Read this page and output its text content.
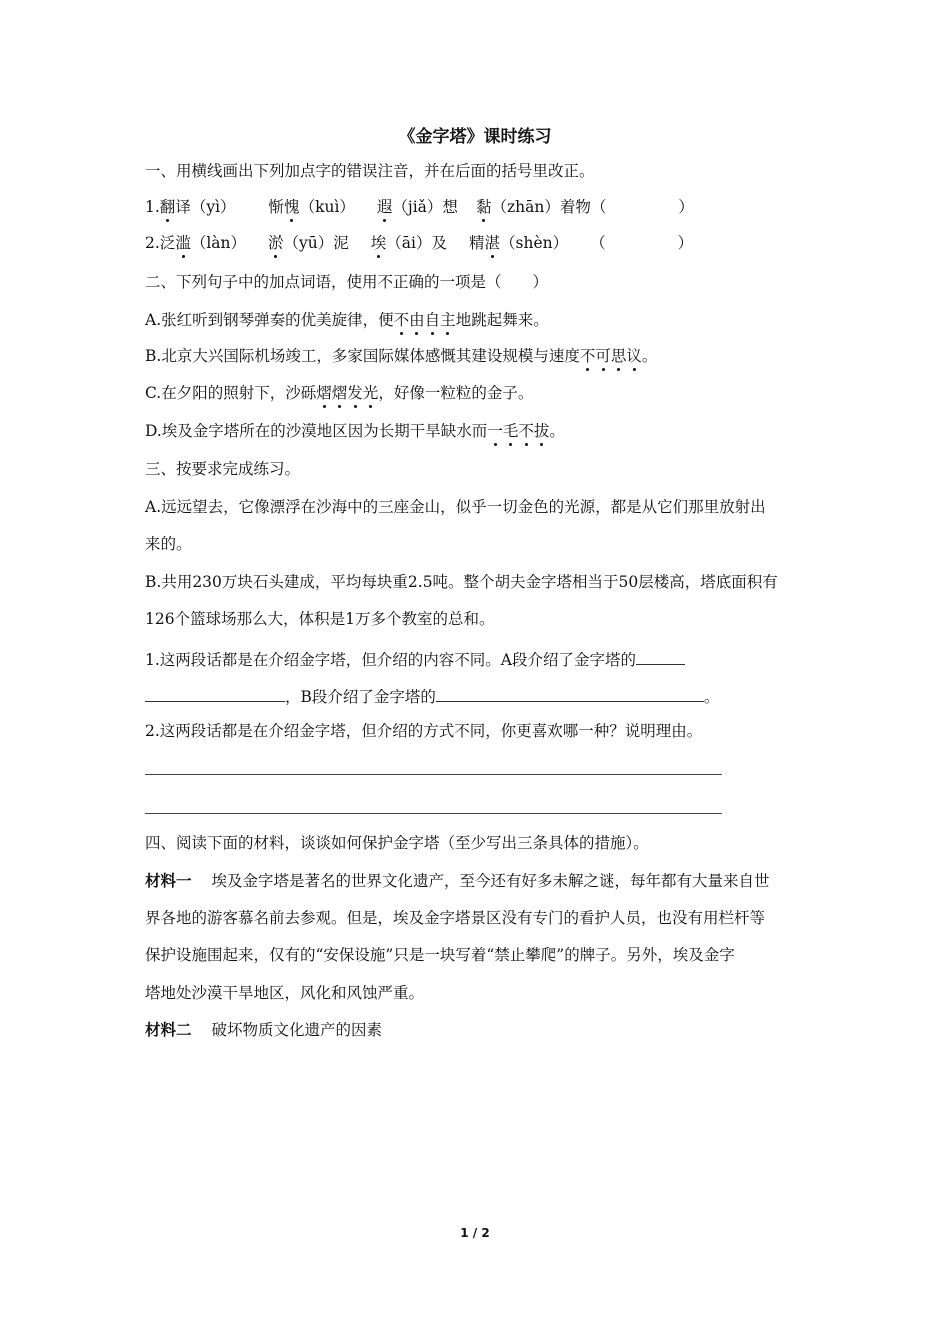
《金字塔》课时练习
一、用横线画出下列加点字的错误注音，并在后面的括号里改正。
1.翻译（yì） 惭愧（kuì） 遐（jiǎ）想 黏（zhān）着物（	）
2.泛滥（làn） 淤（yū）泥 埃（āi）及 精湛（shèn） （	）
二、下列句子中的加点词语，使用不正确的一项是（　　）
A.张红听到钢琴弹奏的优美旋律，便不由自主地跳起舞来。
B.北京大兴国际机场竣工，多家国际媒体感慨其建设规模与速度不可思议。
C.在夕阳的照射下，沙砾熠熠发光，好像一粒粒的金子。
D.埃及金字塔所在的沙漠地区因为长期干旱缺水而一毛不拔。
三、按要求完成练习。
A.远远望去，它像漂浮在沙海中的三座金山，似乎一切金色的光源，都是从它们那里放射出
来的。
B.共用230万块石头建成，平均每块重2.5吨。整个胡夫金字塔相当于50层楼高，塔底面积有
126个篮球场那么大，体积是1万多个教室的总和。
1.这两段话都是在介绍金字塔，但介绍的内容不同。A段介绍了金字塔的
，B段介绍了金字塔的	。
2.这两段话都是在介绍金字塔，但介绍的方式不同，你更喜欢哪一种？说明理由。
四、阅读下面的材料，谈谈如何保护金字塔（至少写出三条具体的措施）。
材料一 埃及金字塔是著名的世界文化遗产，至今还有好多未解之谜，每年都有大量来自世
界各地的游客慕名前去参观。但是，埃及金字塔景区没有专门的看护人员，也没有用栏杆等
保护设施围起来，仅有的“安保设施”只是一块写着“禁止攀爬”的牌子。另外，埃及金字
塔地处沙漠干旱地区，风化和风蚀严重。
材料二 破坏物质文化遗产的因素
1 / 2
